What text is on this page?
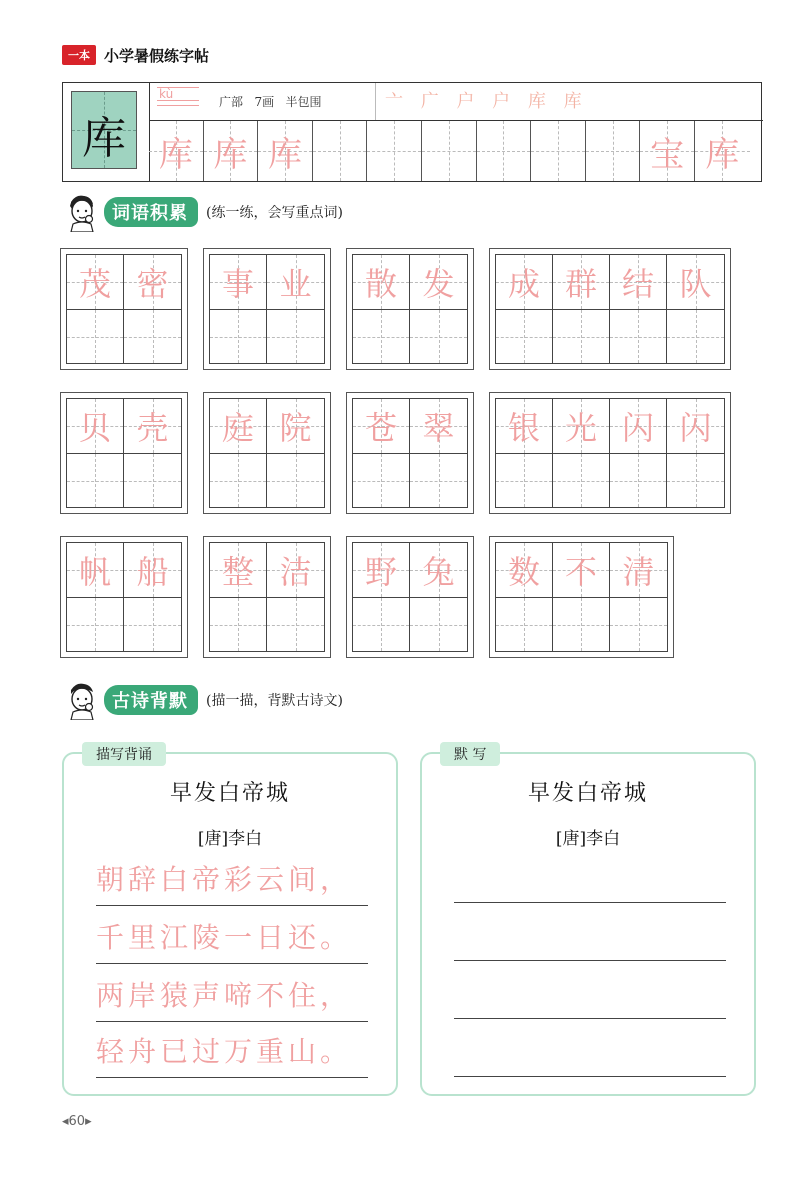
一本 小学暑假练字帖
库
kù
广部   7画   半包围	亠 广 户 户 库 库
库 库 库	宝 库
词语积累	(练一练，会写重点词)
茂 密 事 业 散 发 成 群 结 队
贝 壳 庭 院 苍 翠 银 光 闪 闪
帆 船 整 洁 野 兔 数 不 清
古诗背默	(描一描，背默古诗文)
描写背诵
早发白帝城
[唐]李白
朝辞白帝彩云间，
千里江陵一日还。
两岸猿声啼不住，
轻舟已过万重山。
默 写
早发白帝城
[唐]李白
◂60▸
